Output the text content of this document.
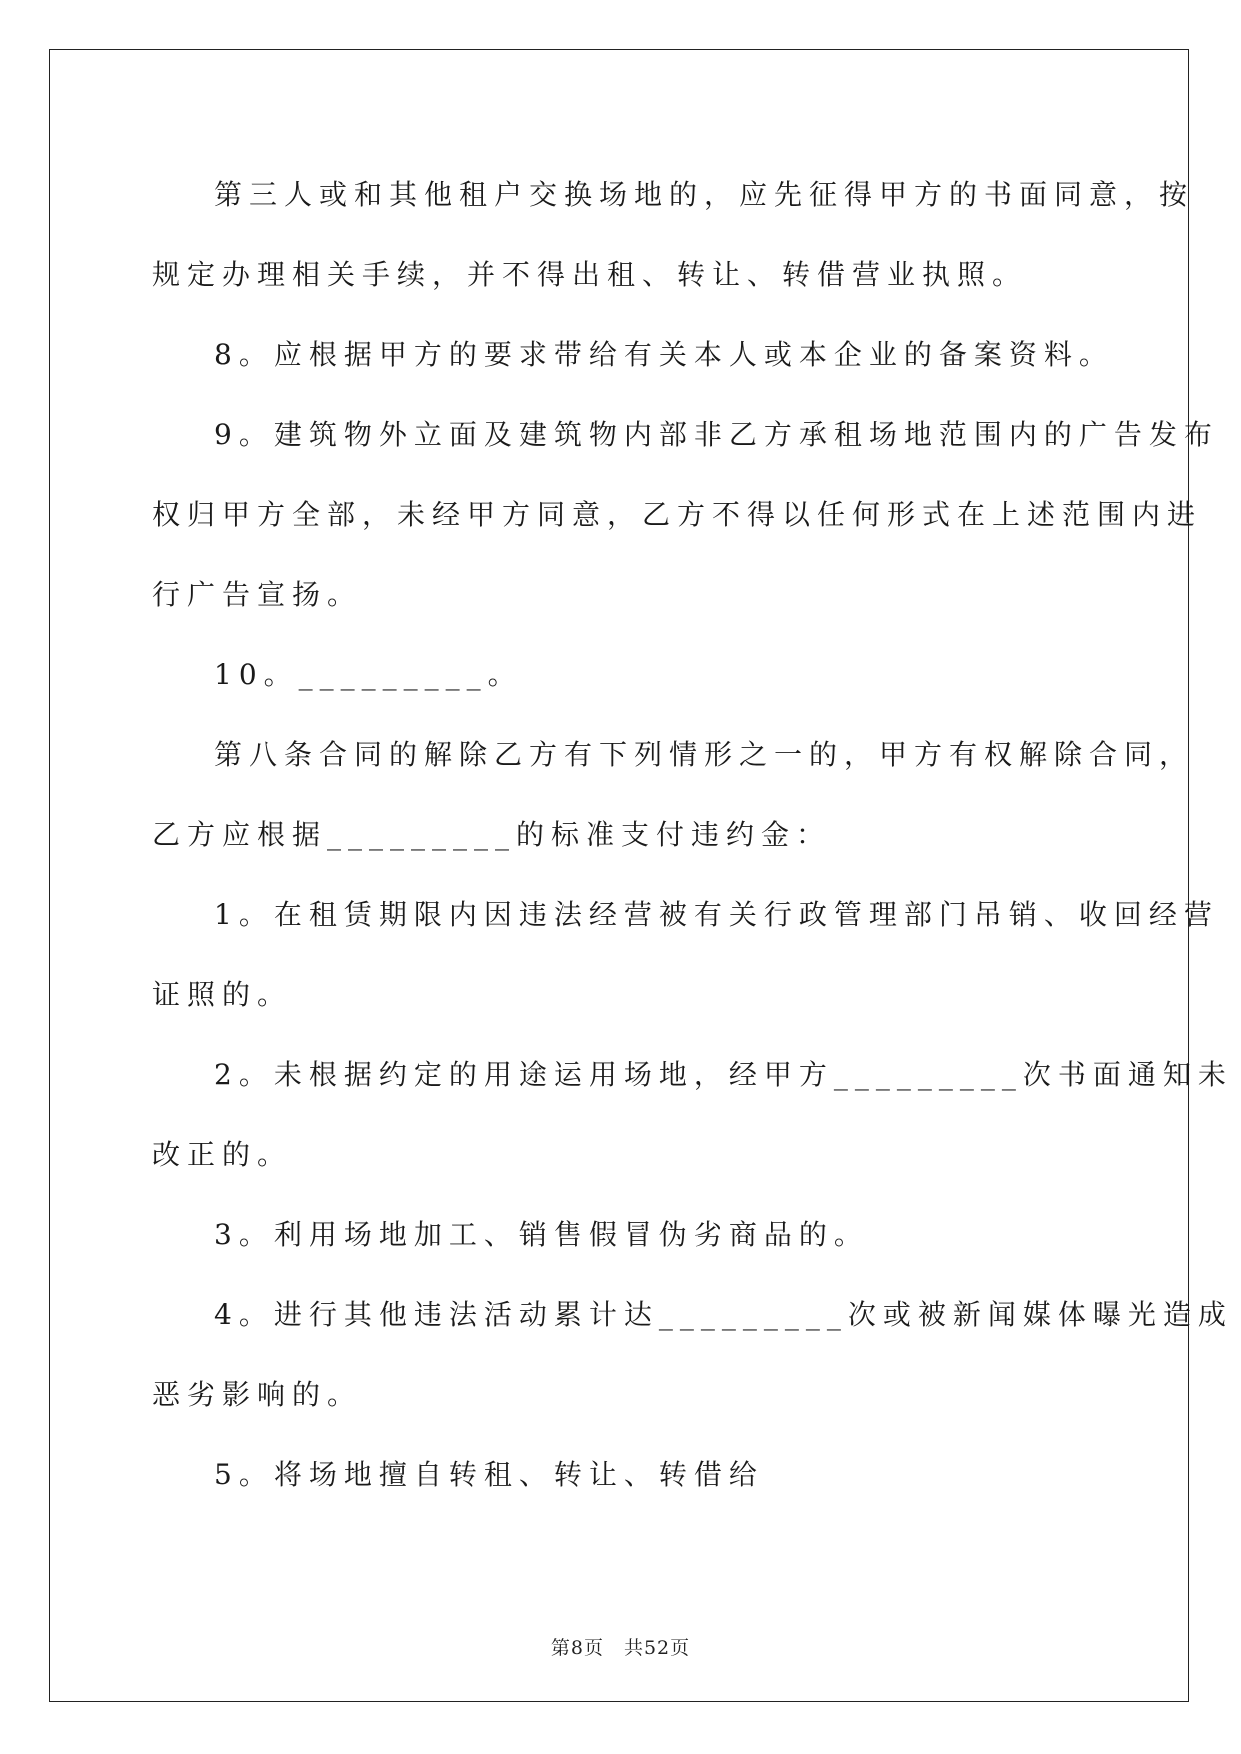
第三人或和其他租户交换场地的，应先征得甲方的书面同意，按
规定办理相关手续，并不得出租、转让、转借营业执照。
8。应根据甲方的要求带给有关本人或本企业的备案资料。
9。建筑物外立面及建筑物内部非乙方承租场地范围内的广告发布
权归甲方全部，未经甲方同意，乙方不得以任何形式在上述范围内进
行广告宣扬。
10。_________。
第八条合同的解除乙方有下列情形之一的，甲方有权解除合同，
乙方应根据_________的标准支付违约金：
1。在租赁期限内因违法经营被有关行政管理部门吊销、收回经营
证照的。
2。未根据约定的用途运用场地，经甲方_________次书面通知未
改正的。
3。利用场地加工、销售假冒伪劣商品的。
4。进行其他违法活动累计达_________次或被新闻媒体曝光造成
恶劣影响的。
5。将场地擅自转租、转让、转借给
第8页　共52页
